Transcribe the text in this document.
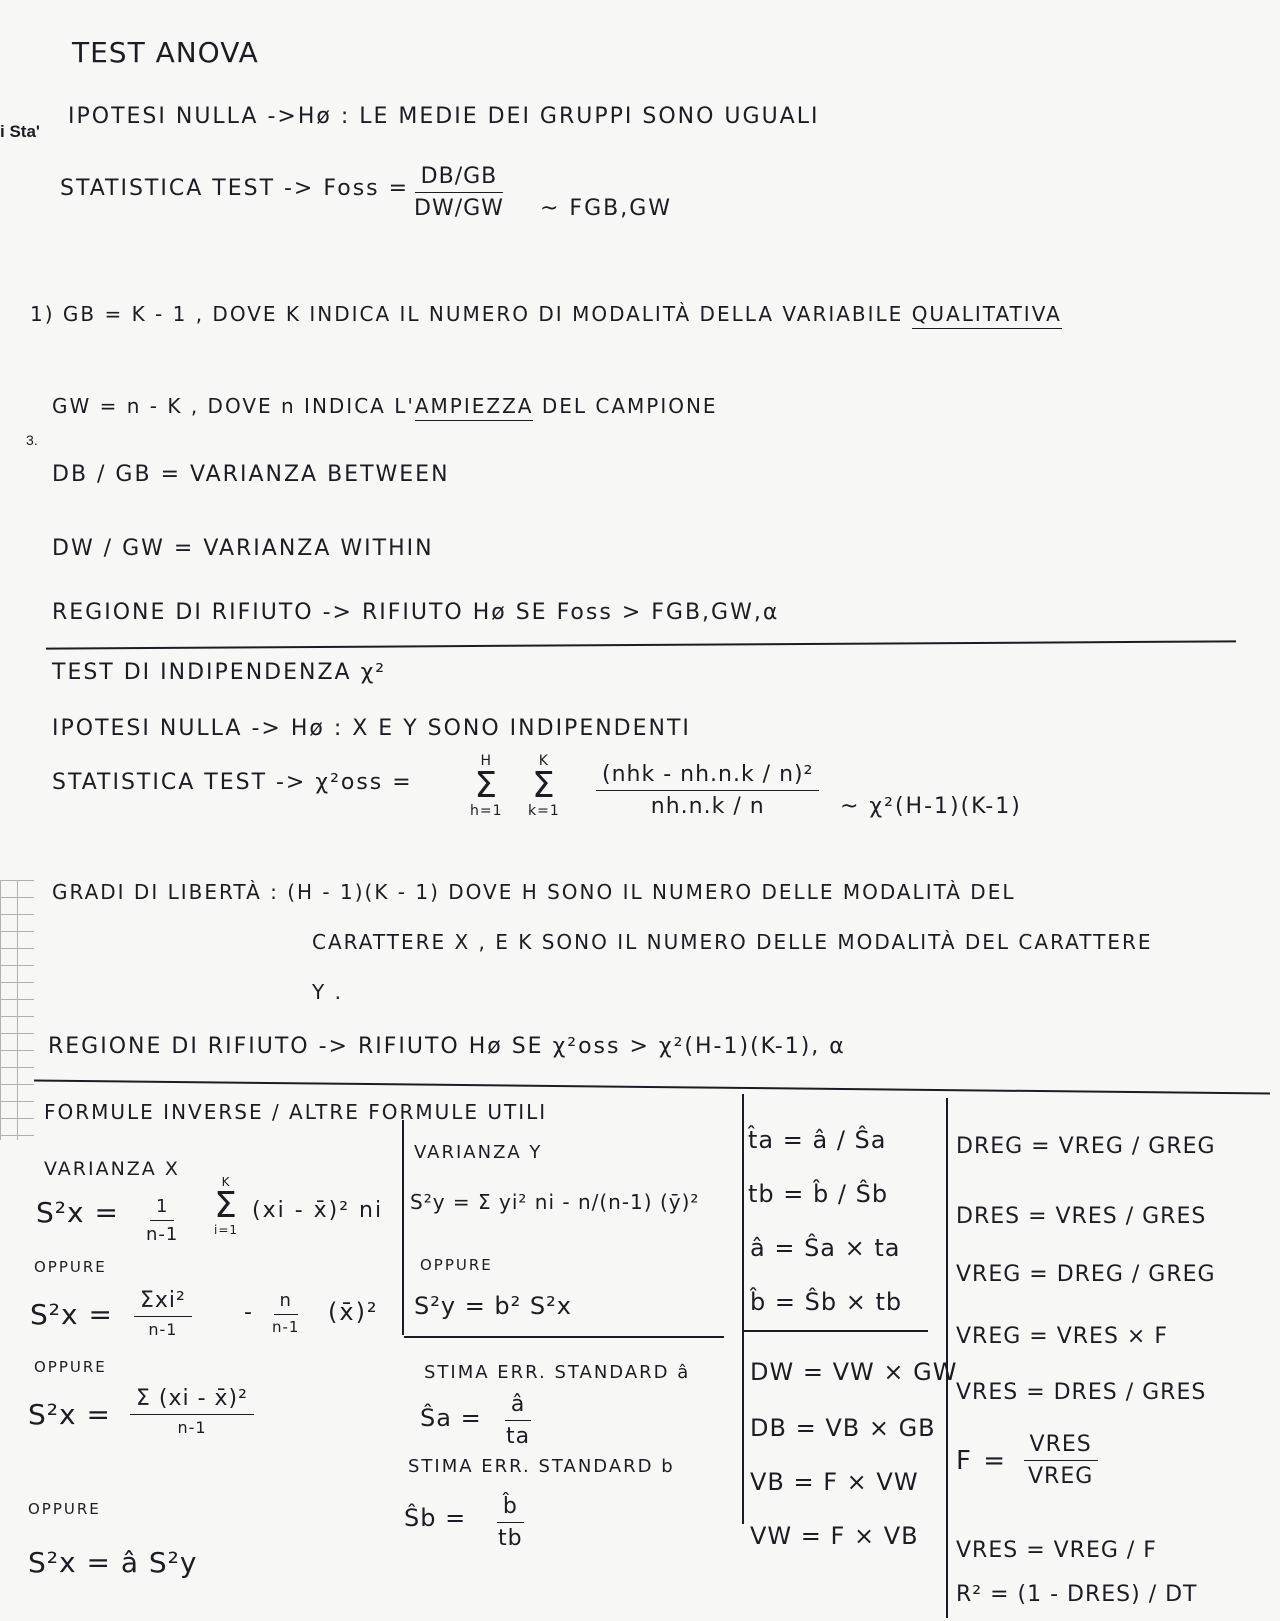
i Sta'
3.
TEST ANOVA
IPOTESI NULLA ->Hø : LE MEDIE DEI GRUPPI SONO UGUALI
STATISTICA TEST -> Foss =
$\frac{DB/GB}{DW/GW}$ ~ FGB,GW
1) GB = K - 1 , DOVE K INDICA IL NUMERO DI MODALITÀ DELLA VARIABILE QUALITATIVA
GW = n - K , DOVE n INDICA L'AMPIEZZA DEL CAMPIONE
DB / GB = VARIANZA BETWEEN
DW / GW = VARIANZA WITHIN
REGIONE DI RIFIUTO -> RIFIUTO Hø SE Foss > FGB,GW,α
TEST DI INDIPENDENZA χ²
IPOTESI NULLA -> Hø : X E Y SONO INDIPENDENTI
STATISTICA TEST -> χ²oss =
H
Σ
h=1
K
Σ
k=1
(nhk - nh.n.k / n)²
nh.n.k / n	~ χ²(H-1)(K-1)
GRADI DI LIBERTÀ : (H - 1)(K - 1) DOVE H SONO IL NUMERO DELLE MODALITÀ DEL
CARATTERE X , E K SONO IL NUMERO DELLE MODALITÀ DEL CARATTERE
Y .
REGIONE DI RIFIUTO -> RIFIUTO Hø SE χ²oss > χ²(H-1)(K-1), α
FORMULE INVERSE / ALTRE FORMULE UTILI
VARIANZA X
$S^2x = \frac{1}{n-1}$
K
Σ
i=1
(xi - x̄)² ni
OPPURE
S²x = Σxi²
n-1
-	n
n-1
(x̄)²
OPPURE
S²x = Σ (xi - x̄)²
n-1
OPPURE
S²x = â S²y
VARIANZA Y
S²y = Σ yi² ni - n/(n-1) (ȳ)²
OPPURE
S²y = b² S²x
STIMA ERR. STANDARD â
Ŝa = $\frac{â}{ta}$
STIMA ERR. STANDARD b
Ŝb = $\frac{b̂}{tb}$
t̂a = â / Ŝa
tb = b̂ / Ŝb
â = Ŝa × ta
b̂ = Ŝb × tb
DW = VW × GW
DB = VB × GB
VB = F × VW
VW = F × VB
DREG = VREG / GREG
DRES = VRES / GRES
VREG = DREG / GREG
VREG = VRES × F
VRES = DRES / GRES
F =
VRES
VREG
VRES = VREG / F
R² = (1 - DRES) / DT
